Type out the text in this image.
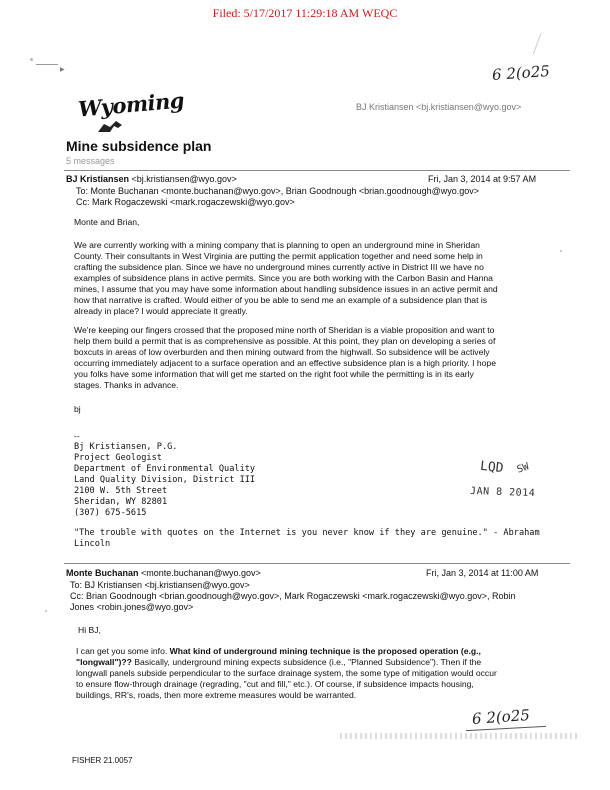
Filed: 5/17/2017 11:29:18 AM WEQC
6 2(o25
▶
Wyoming	BJ Kristiansen <bj.kristiansen@wyo.gov>
Mine subsidence plan
5 messages
BJ Kristiansen <bj.kristiansen@wyo.gov>	Fri, Jan 3, 2014 at 9:57 AM
To: Monte Buchanan <monte.buchanan@wyo.gov>, Brian Goodnough <brian.goodnough@wyo.gov>
Cc: Mark Rogaczewski <mark.rogaczewski@wyo.gov>
Monte and Brian,
We are currently working with a mining company that is planning to open an underground mine in Sheridan
County. Their consultants in West Virginia are putting the permit application together and need some help in
crafting the subsidence plan. Since we have no underground mines currently active in District III we have no
examples of subsidence plans in active permits. Since you are both working with the Carbon Basin and Hanna
mines, I assume that you may have some information about handling subsidence issues in an active permit and
how that narrative is crafted. Would either of you be able to send me an example of a subsidence plan that is
already in place? I would appreciate it greatly.
We're keeping our fingers crossed that the proposed mine north of Sheridan is a viable proposition and want to
help them build a permit that is as comprehensive as possible. At this point, they plan on developing a series of
boxcuts in areas of low overburden and then mining outward from the highwall. So subsidence will be actively
occurring immediately adjacent to a surface operation and an effective subsidence plan is a high priority. I hope
you folks have some information that will get me started on the right foot while the permitting is in its early
stages. Thanks in advance.
bj
--
Bj Kristiansen, P.G.
Project Geologist
Department of Environmental Quality
Land Quality Division, District III
2100 W. 5th Street
Sheridan, WY 82801
(307) 675-5615
"The trouble with quotes on the Internet is you never know if they are genuine." - Abraham
Lincoln
LQD SW
JAN 8 2014
Monte Buchanan <monte.buchanan@wyo.gov>	Fri, Jan 3, 2014 at 11:00 AM
To: BJ Kristiansen <bj.kristiansen@wyo.gov>
Cc: Brian Goodnough <brian.goodnough@wyo.gov>, Mark Rogaczewski <mark.rogaczewski@wyo.gov>, Robin
Jones <robin.jones@wyo.gov>
Hi BJ,
I can get you some info. What kind of underground mining technique is the proposed operation (e.g.,
"longwall")?? Basically, underground mining expects subsidence (i.e., "Planned Subsidence"). Then if the
longwall panels subside perpendicular to the surface drainage system, the some type of mitigation would occur
to ensure flow-through drainage (regrading, "cut and fill," etc.). Of course, if subsidence impacts housing,
buildings, RR's, roads, then more extreme measures would be warranted.
6 2(o25
FISHER 21.0057
